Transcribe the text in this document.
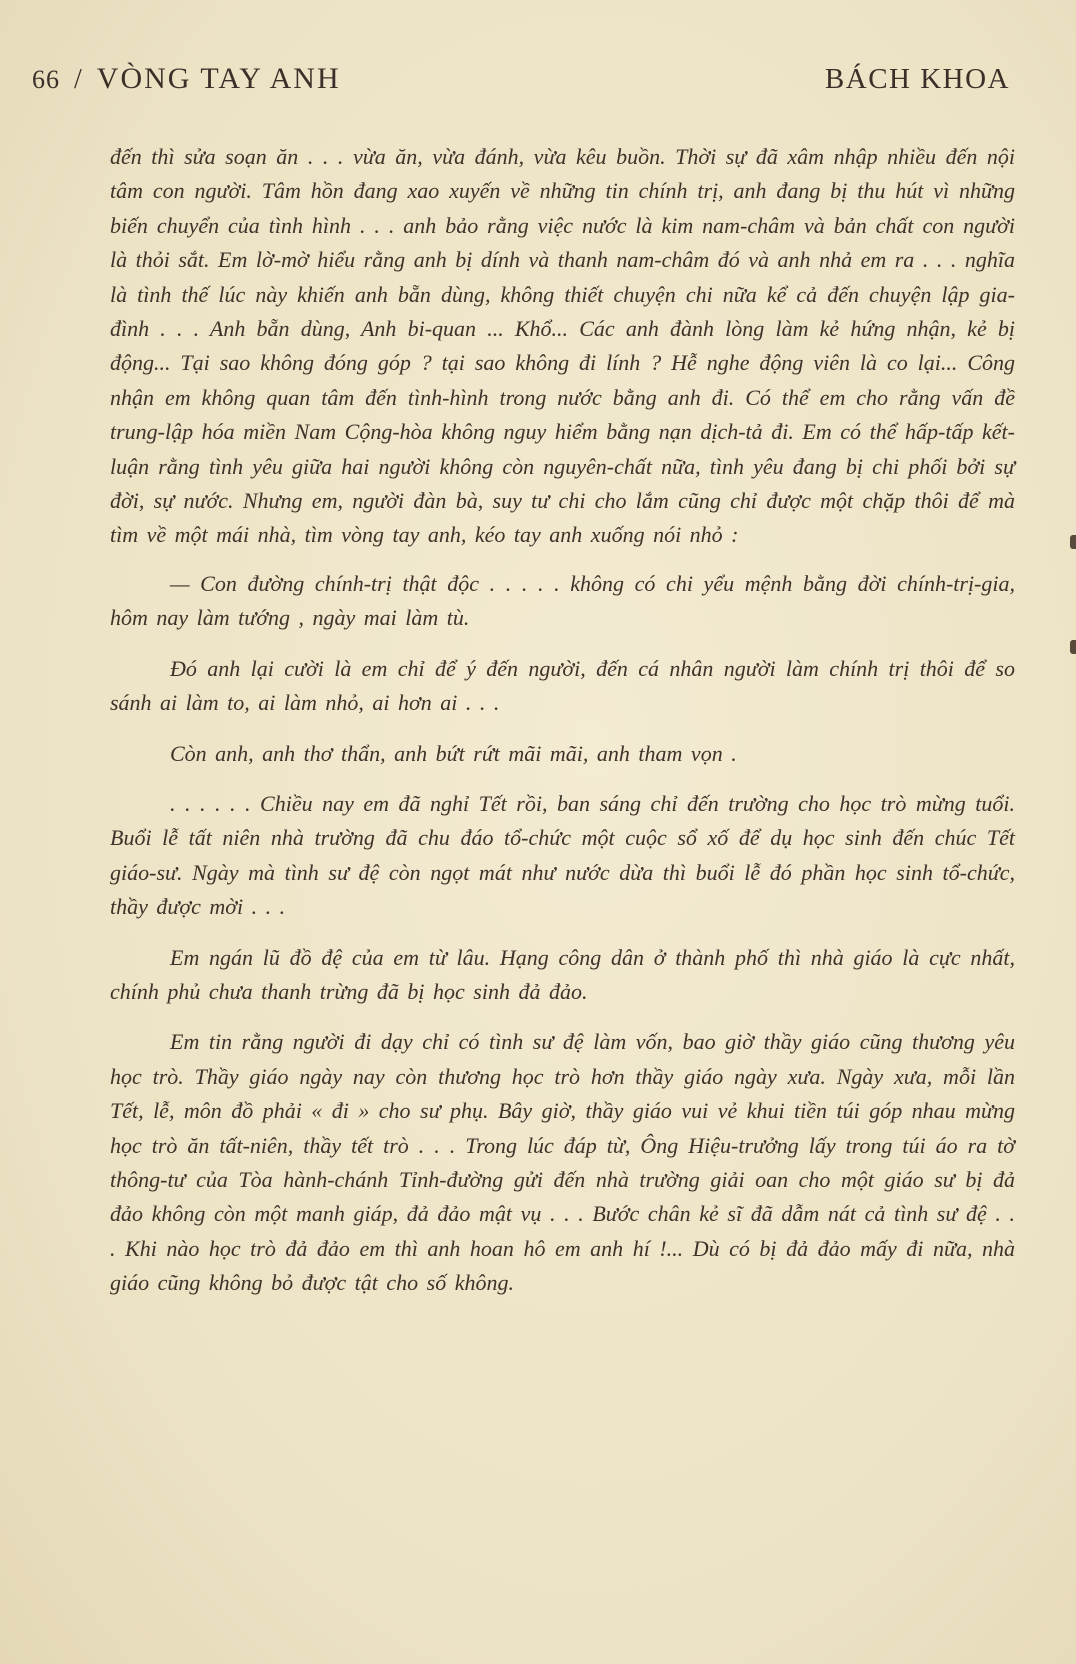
66 / VÒNG TAY ANH	BÁCH KHOA

đến thì sửa soạn ăn . . . vừa ăn, vừa đánh, vừa kêu buồn. Thời sự đã xâm nhập nhiều đến nội tâm con người. Tâm hồn đang xao xuyến về những tin chính trị, anh đang bị thu hút vì những biến chuyển của tình hình . . . anh bảo rằng việc nước là kim nam-châm và bản chất con người là thỏi sắt. Em lờ-mờ hiểu rằng anh bị dính và thanh nam-châm đó và anh nhả em ra . . . nghĩa là tình thế lúc này khiến anh bẵn dùng, không thiết chuyện chi nữa kể cả đến chuyện lập gia-đình . . . Anh bẵn dùng, Anh bi-quan ... Khổ... Các anh đành lòng làm kẻ hứng nhận, kẻ bị động... Tại sao không đóng góp ? tại sao không đi lính ? Hễ nghe động viên là co lại... Công nhận em không quan tâm đến tình-hình trong nước bằng anh đi. Có thể em cho rằng vấn đề trung-lập hóa miền Nam Cộng-hòa không nguy hiểm bằng nạn dịch-tả đi. Em có thể hấp-tấp kết-luận rằng tình yêu giữa hai người không còn nguyên-chất nữa, tình yêu đang bị chi phối bởi sự đời, sự nước. Nhưng em, người đàn bà, suy tư chi cho lắm cũng chỉ được một chặp thôi để mà tìm về một mái nhà, tìm vòng tay anh, kéo tay anh xuống nói nhỏ :

— Con đường chính-trị thật độc . . . . . không có chi yểu mệnh bằng đời chính-trị-gia, hôm nay làm tướng , ngày mai làm tù.

Đó anh lại cười là em chỉ để ý đến người, đến cá nhân người làm chính trị thôi để so sánh ai làm to, ai làm nhỏ, ai hơn ai . . .

Còn anh, anh thơ thẩn, anh bứt rứt mãi mãi, anh tham vọn .

. . . . . . Chiều nay em đã nghỉ Tết rồi, ban sáng chỉ đến trường cho học trò mừng tuổi. Buổi lễ tất niên nhà trường đã chu đáo tổ-chức một cuộc sổ xố để dụ học sinh đến chúc Tết giáo-sư. Ngày mà tình sư đệ còn ngọt mát như nước dừa thì buổi lễ đó phần học sinh tổ-chức, thầy được mời . . .

Em ngán lũ đồ đệ của em từ lâu. Hạng công dân ở thành phố thì nhà giáo là cực nhất, chính phủ chưa thanh trừng đã bị học sinh đả đảo.

Em tin rằng người đi dạy chỉ có tình sư đệ làm vốn, bao giờ thầy giáo cũng thương yêu học trò. Thầy giáo ngày nay còn thương học trò hơn thầy giáo ngày xưa. Ngày xưa, mỗi lần Tết, lễ, môn đồ phải « đi » cho sư phụ. Bây giờ, thầy giáo vui vẻ khui tiền túi góp nhau mừng học trò ăn tất-niên, thầy tết trò . . . Trong lúc đáp từ, Ông Hiệu-trưởng lấy trong túi áo ra tờ thông-tư của Tòa hành-chánh Tỉnh-đường gửi đến nhà trường giải oan cho một giáo sư bị đả đảo không còn một manh giáp, đả đảo mật vụ . . . Bước chân kẻ sĩ đã dẫm nát cả tình sư đệ . . . Khi nào học trò đả đảo em thì anh hoan hô em anh hí !... Dù có bị đả đảo mấy đi nữa, nhà giáo cũng không bỏ được tật cho số không.
